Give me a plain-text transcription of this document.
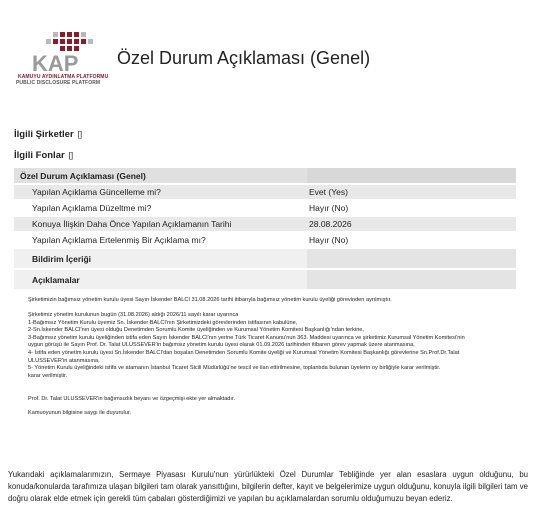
KAP
KAMUYU AYDINLATMA PLATFORMU
PUBLIC DISCLOSURE PLATFORM
Özel Durum Açıklaması (Genel)
İlgili Şirketler []
İlgili Fonlar []
Özel Durum Açıklaması (Genel)	
Yapılan Açıklama Güncelleme mi?	Evet (Yes)
Yapılan Açıklama Düzeltme mi?	Hayır (No)
Konuya İlişkin Daha Önce Yapılan Açıklamanın Tarihi	28.08.2026
Yapılan Açıklama Ertelenmiş Bir Açıklama mı?	Hayır (No)
Bildirim İçeriği	
Açıklamalar	

Şirketimizin bağımsız yönetim kurulu üyesi Sayın İskender BALCI 31.08.2026 tarihi itibarıyla bağımsız yönetim kurulu üyeliği görevinden ayrılmıştır.

Şirketimiz yönetim kurulunun bugün (31.08.2026) aldığı 2026/11 sayılı karar uyarınca

1-Bağımsız Yönetim Kurulu üyemiz Sn. İskender BALCI'nın Şirketimizdeki görevlerinden istifasının kabulüne,

2-Sn.İskender BALCI'nın üyesi olduğu Denetimden Sorumlu Komite üyeliğinden ve Kurumsal Yönetim Komitesi Başkanlığı'ndan terkine,

3-Bağımsız yönetim kurulu üyeliğinden istifa eden Sayın İskender BALCI'nın yerine Türk Ticaret Kanunu'nun 363. Maddesi uyarınca ve şirketimiz Kurumsal Yönetim Komitesi'nin

uygun görüşü ile Sayın Prof. Dr. Talat ULUSSEVER'in bağımsız yönetim kurulu üyesi olarak 01.09.2026 tarihinden itibaren görev yapmak üzere atanmasına,

4- İstifa eden yönetim kurulu üyesi Sn.İskender BALCI'dan boşalan Denetimden Sorumlu Komite üyeliği ve Kurumsal Yönetim Komitesi Başkanlığı görevlerine Sn.Prof.Dr.Talat

ULUSSEVER'in atanmasına,

5- Yönetim Kurulu üyeliğindeki istifa ve atamanın İstanbul Ticaret Sicili Müdürlüğü'ne tescil ve ilan ettirilmesine, toplantıda bulunan üyelerin oy birliğiyle karar verilmiştir.

karar verilmiştir.

Prof. Dr. Talat ULUSSEVER'in bağımsızlık beyanı ve özgeçmişi ekte yer almaktadır.

Kamuoyunun bilgisine saygı ile duyurulur.

Yukarıdaki açıklamalarımızın, Sermaye Piyasası Kurulu'nun yürürlükteki Özel Durumlar Tebliğinde yer alan esaslara uygun olduğunu, bu konuda/konularda tarafımıza ulaşan bilgileri tam olarak yansıttığını, bilgilerin defter, kayıt ve belgelerimize uygun olduğunu, konuyla ilgili bilgileri tam ve doğru olarak elde etmek için gerekli tüm çabaları gösterdiğimizi ve yapılan bu açıklamalardan sorumlu olduğumuzu beyan ederiz.
